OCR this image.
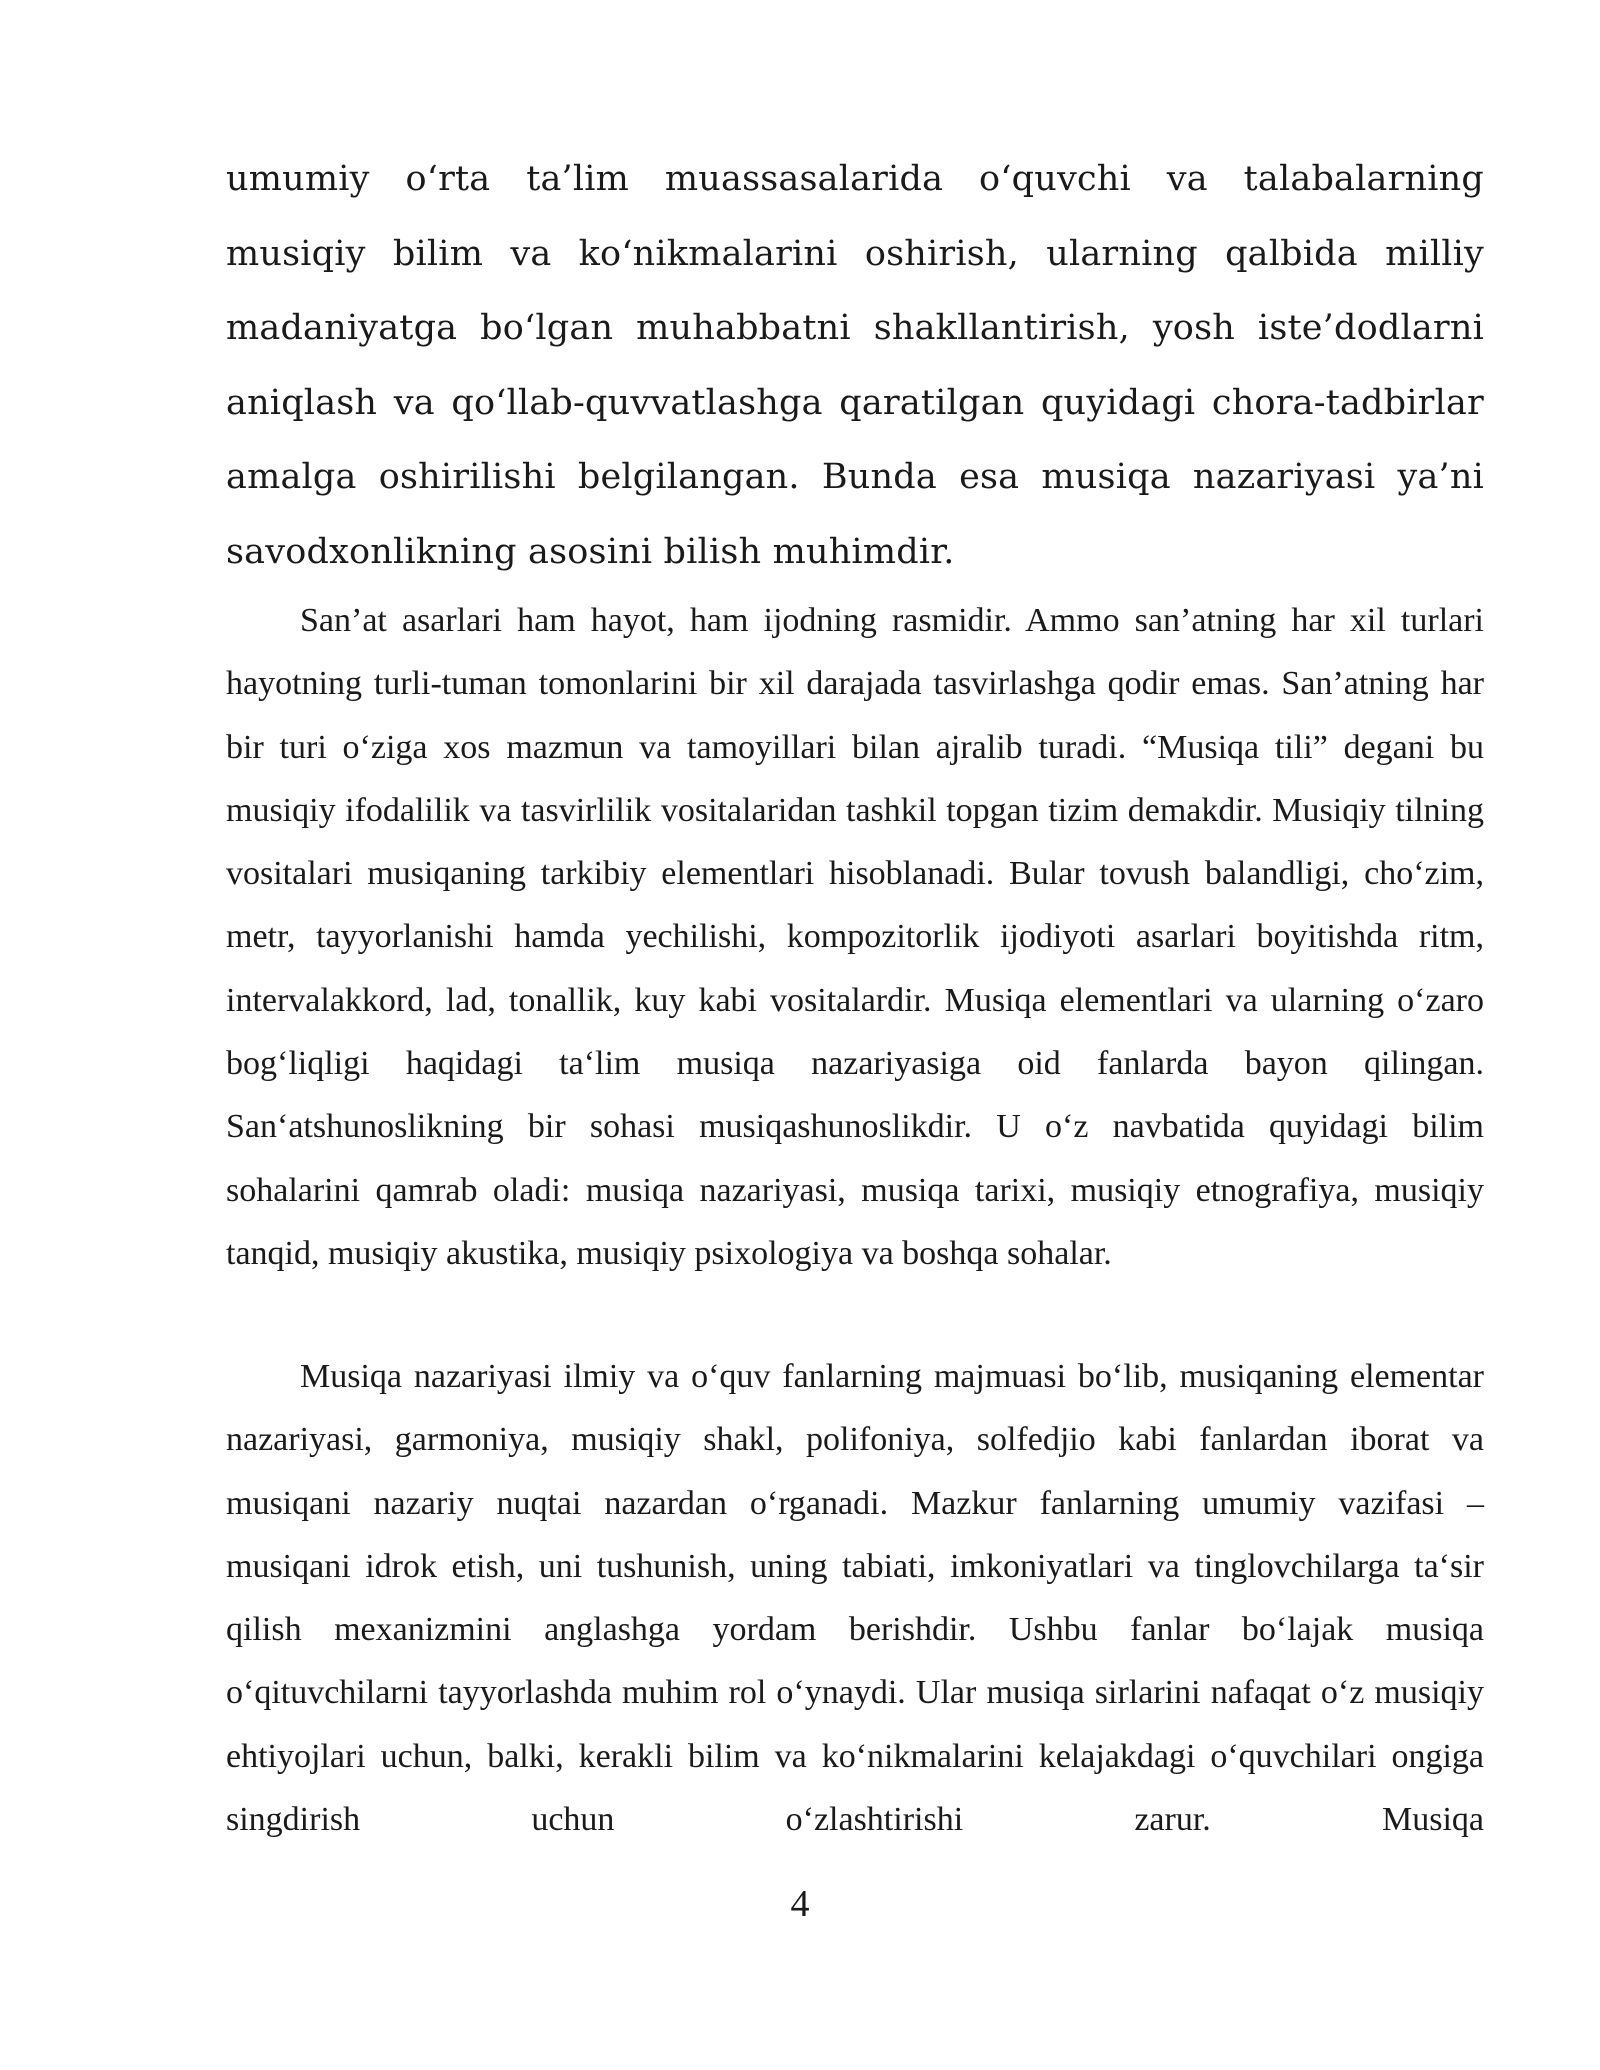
umumiy o‘rta ta’lim muassasalarida o‘quvchi va talabalarning musiqiy bilim va ko‘nikmalarini oshirish, ularning qalbida milliy madaniyatga bo‘lgan muhabbatni shakllantirish, yosh iste’dodlarni aniqlash va qo‘llab-quvvatlashga qaratilgan quyidagi chora-tadbirlar amalga oshirilishi belgilangan. Bunda esa musiqa nazariyasi ya’ni savodxonlikning asosini bilish muhimdir.

San’at asarlari ham hayot, ham ijodning rasmidir. Ammo san’atning har xil turlari hayotning turli-tuman tomonlarini bir xil darajada tasvirlashga qodir emas. San’atning har bir turi o‘ziga xos mazmun va tamoyillari bilan ajralib turadi. “Musiqa tili” degani bu musiqiy ifodalilik va tasvirlilik vositalaridan tashkil topgan tizim demakdir. Musiqiy tilning vositalari musiqaning tarkibiy elementlari hisoblanadi. Bular tovush balandligi, cho‘zim, metr, tayyorlanishi hamda yechilishi, kompozitorlik ijodiyoti asarlari boyitishda ritm, intervalakkord, lad, tonallik, kuy kabi vositalardir. Musiqa elementlari va ularning o‘zaro bog‘liqligi haqidagi ta‘lim musiqa nazariyasiga oid fanlarda bayon qilingan. San‘atshunoslikning bir sohasi musiqashunoslikdir. U o‘z navbatida quyidagi bilim sohalarini qamrab oladi: musiqa nazariyasi, musiqa tarixi, musiqiy etnografiya, musiqiy tanqid, musiqiy akustika, musiqiy psixologiya va boshqa sohalar.

Musiqa nazariyasi ilmiy va o‘quv fanlarning majmuasi bo‘lib, musiqaning elementar nazariyasi, garmoniya, musiqiy shakl, polifoniya, solfedjio kabi fanlardan iborat va musiqani nazariy nuqtai nazardan o‘rganadi. Mazkur fanlarning umumiy vazifasi – musiqani idrok etish, uni tushunish, uning tabiati, imkoniyatlari va tinglovchilarga ta‘sir qilish mexanizmini anglashga yordam berishdir. Ushbu fanlar bo‘lajak musiqa o‘qituvchilarni tayyorlashda muhim rol o‘ynaydi. Ular musiqa sirlarini nafaqat o‘z musiqiy ehtiyojlari uchun, balki, kerakli bilim va ko‘nikmalarini kelajakdagi o‘quvchilari ongiga singdirish uchun o‘zlashtirishi zarur. Musiqa

4
